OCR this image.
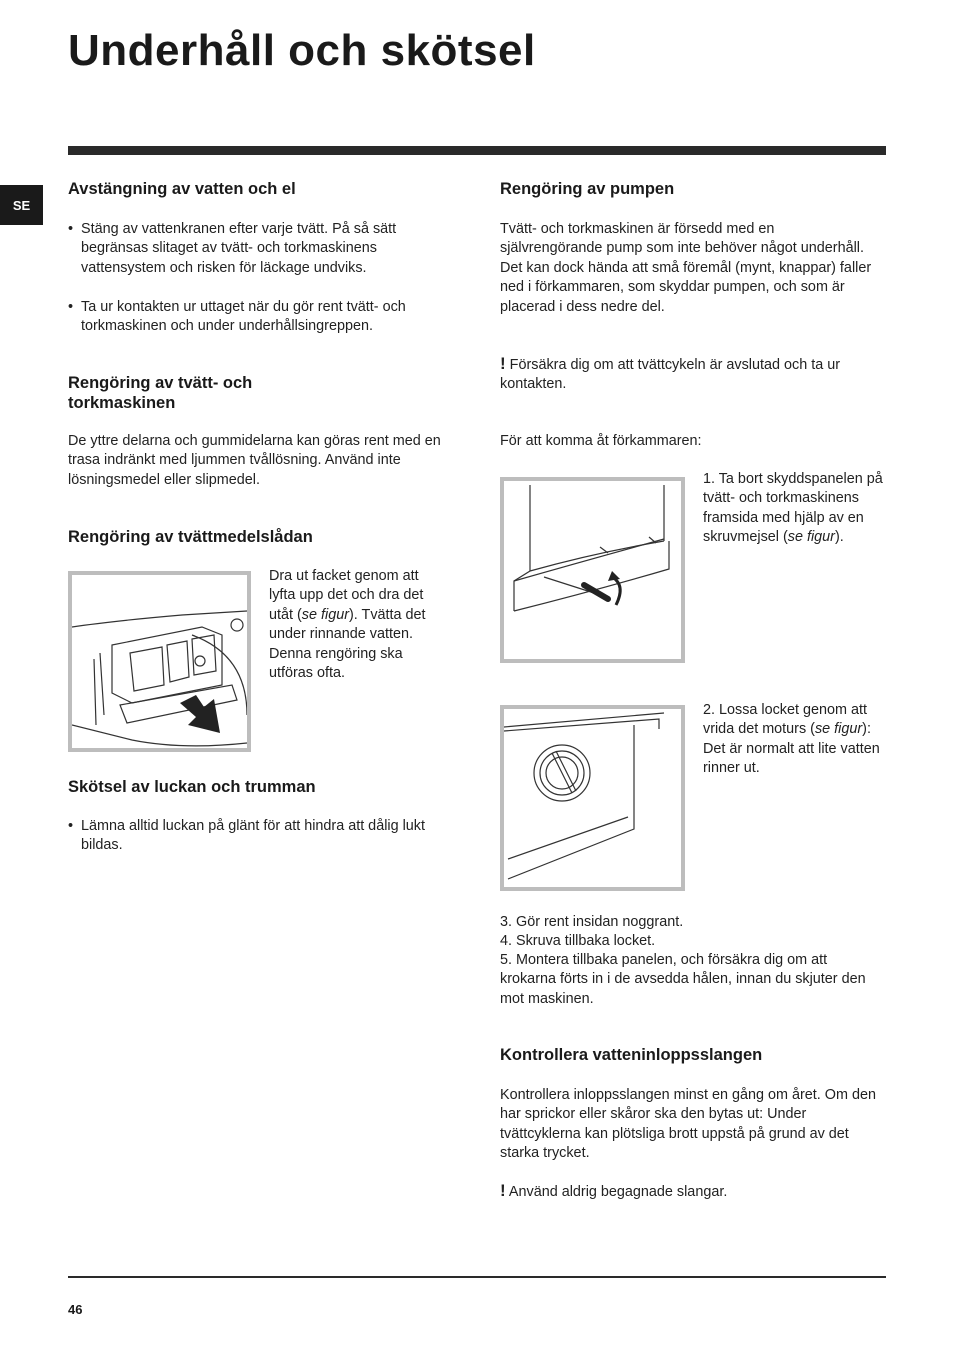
Underhåll och skötsel
SE
Avstängning av vatten och el
• Stäng av vattenkranen efter varje tvätt. På så sätt begränsas slitaget av tvätt- och torkmaskinens vattensystem och risken för läckage undviks.
• Ta ur kontakten ur uttaget när du gör rent tvätt- och torkmaskinen och under underhållsingreppen.
Rengöring av tvätt- och
torkmaskinen

De yttre delarna och gummidelarna kan göras rent med en trasa indränkt med ljummen tvållösning. Använd inte lösningsmedel eller slipmedel.

Rengöring av tvättmedelslådan

Dra ut facket genom att lyfta upp det och dra det utåt (se figur). Tvätta det under rinnande vatten. Denna rengöring ska utföras ofta.

Skötsel av luckan och trumman
• Lämna alltid luckan på glänt för att hindra att dålig lukt bildas.
Rengöring av pumpen

Tvätt- och torkmaskinen är försedd med en självrengörande pump som inte behöver något underhåll. Det kan dock hända att små föremål (mynt, knappar) faller ned i förkammaren, som skyddar pumpen, och som är placerad i dess nedre del.

! Försäkra dig om att tvättcykeln är avslutad och ta ur kontakten.

För att komma åt förkammaren:

1. Ta bort skyddspanelen på tvätt- och torkmaskinens framsida med hjälp av en skruvmejsel (se figur).

2. Lossa locket genom att vrida det moturs (se figur): Det är normalt att lite vatten rinner ut.

3. Gör rent insidan noggrant.

4. Skruva tillbaka locket.

5. Montera tillbaka panelen, och försäkra dig om att krokarna förts in i de avsedda hålen, innan du skjuter den mot maskinen.

Kontrollera vatteninloppsslangen

Kontrollera inloppsslangen minst en gång om året. Om den har sprickor eller skåror ska den bytas ut: Under tvättcyklerna kan plötsliga brott uppstå på grund av det starka trycket.

! Använd aldrig begagnade slangar.

46
